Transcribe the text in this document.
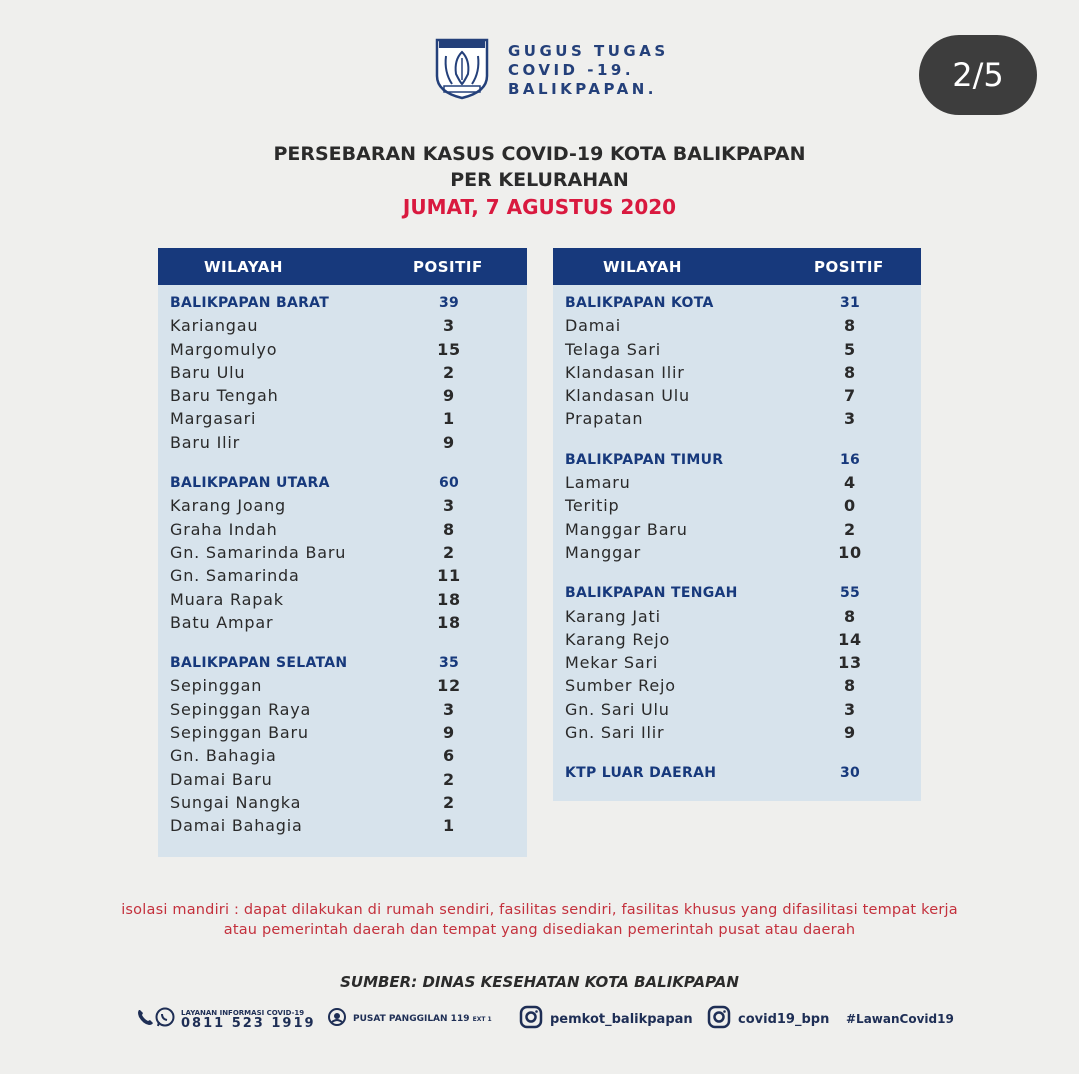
GUGUS TUGAS
COVID -19.
BALIKPAPAN.	2/5
PERSEBARAN KASUS COVID-19 KOTA BALIKPAPAN
PER KELURAHAN
JUMAT, 7 AGUSTUS 2020
WILAYAH	POSITIF
BALIKPAPAN BARAT	39
Kariangau	3
Margomulyo	15
Baru Ulu	2
Baru Tengah	9
Margasari	1
Baru Ilir	9
BALIKPAPAN UTARA	60
Karang Joang	3
Graha Indah	8
Gn. Samarinda Baru	2
Gn. Samarinda	11
Muara Rapak	18
Batu Ampar	18
BALIKPAPAN SELATAN	35
Sepinggan	12
Sepinggan Raya	3
Sepinggan Baru	9
Gn. Bahagia	6
Damai Baru	2
Sungai Nangka	2
Damai Bahagia	1
WILAYAH	POSITIF
BALIKPAPAN KOTA	31
Damai	8
Telaga Sari	5
Klandasan Ilir	8
Klandasan Ulu	7
Prapatan	3
BALIKPAPAN TIMUR	16
Lamaru	4
Teritip	0
Manggar Baru	2
Manggar	10
BALIKPAPAN TENGAH	55
Karang Jati	8
Karang Rejo	14
Mekar Sari	13
Sumber Rejo	8
Gn. Sari Ulu	3
Gn. Sari Ilir	9
KTP LUAR DAERAH	30
isolasi mandiri : dapat dilakukan di rumah sendiri, fasilitas sendiri, fasilitas khusus yang difasilitasi tempat kerja
atau pemerintah daerah dan tempat yang disediakan pemerintah pusat atau daerah
SUMBER: DINAS KESEHATAN KOTA BALIKPAPAN
LAYANAN INFORMASI COVID-19
0811 523 1919	PUSAT PANGGILAN 119 EXT 1	pemkot_balikpapan	covid19_bpn #LawanCovid19
